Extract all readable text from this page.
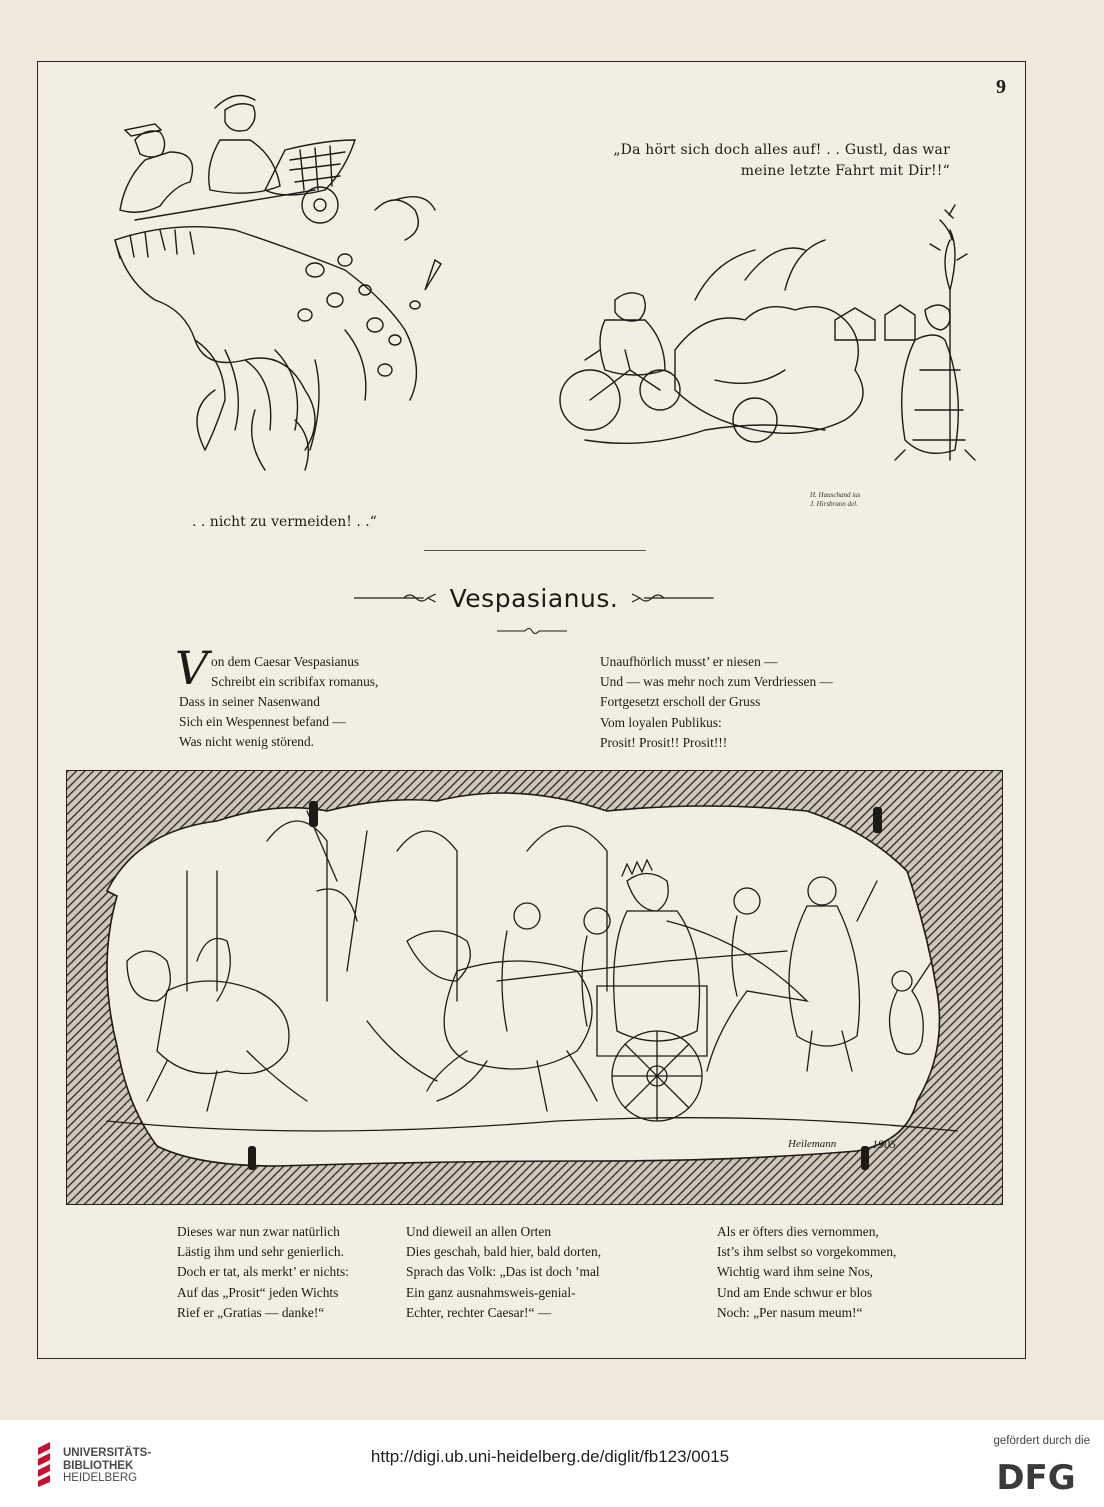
9
„Da hört sich doch alles auf! . . Gustl, das war
meine letzte Fahrt mit Dir!!“
H. Hauschand ius
J. Hirsbrunn del.
. . nicht zu vermeiden! . .“
Vespasianus.
V on dem Caesar Vespasianus
Schreibt ein scribifax romanus,
Dass in seiner Nasenwand
Sich ein Wespennest befand —
Was nicht wenig störend.
Unaufhörlich musst’ er niesen —
Und — was mehr noch zum Verdriessen —
Fortgesetzt erscholl der Gruss
Vom loyalen Publikus:
Prosit! Prosit!! Prosit!!!
Heilemann	1905
Dieses war nun zwar natürlich
Lästig ihm und sehr genierlich.
Doch er tat, als merkt’ er nichts:
Auf das „Prosit“ jeden Wichts
Rief er „Gratias — danke!“
Und dieweil an allen Orten
Dies geschah, bald hier, bald dorten,
Sprach das Volk: „Das ist doch ’mal
Ein ganz ausnahmsweis-genial-
Echter, rechter Caesar!“ —
Als er öfters dies vernommen,
Ist’s ihm selbst so vorgekommen,
Wichtig ward ihm seine Nos,
Und am Ende schwur er blos
Noch: „Per nasum meum!“
UNIVERSITÄTS-
BIBLIOTHEK
HEIDELBERG
http://digi.ub.uni-heidelberg.de/diglit/fb123/0015
gefördert durch die
DFG
